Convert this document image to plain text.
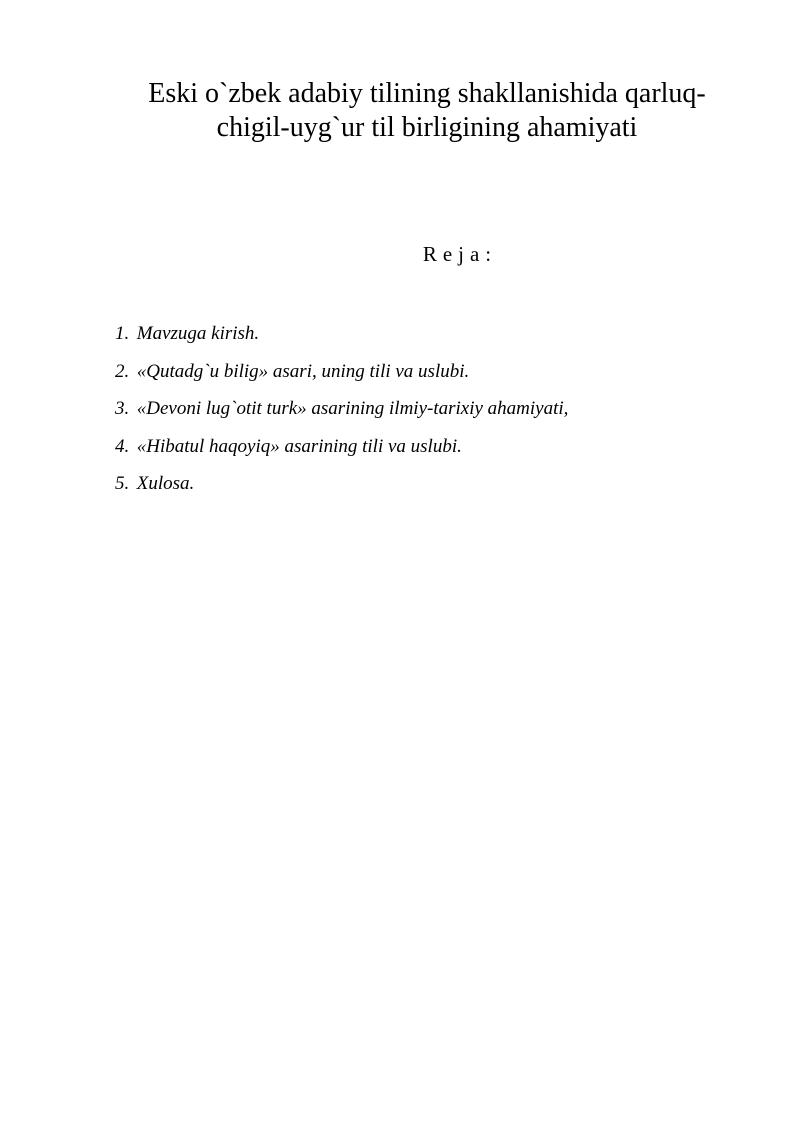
Eski o`zbek adabiy tilining shakllanishida qarluq-
chigil-uyg`ur til birligining ahamiyati
Reja:
1. Mavzuga kirish.
2. «Qutadg`u bilig» asari, uning tili va uslubi.
3. «Devoni lug`otit turk» asarining ilmiy-tarixiy ahamiyati,
4. «Hibatul haqoyiq» asarining tili va uslubi.
5. Xulosa.
